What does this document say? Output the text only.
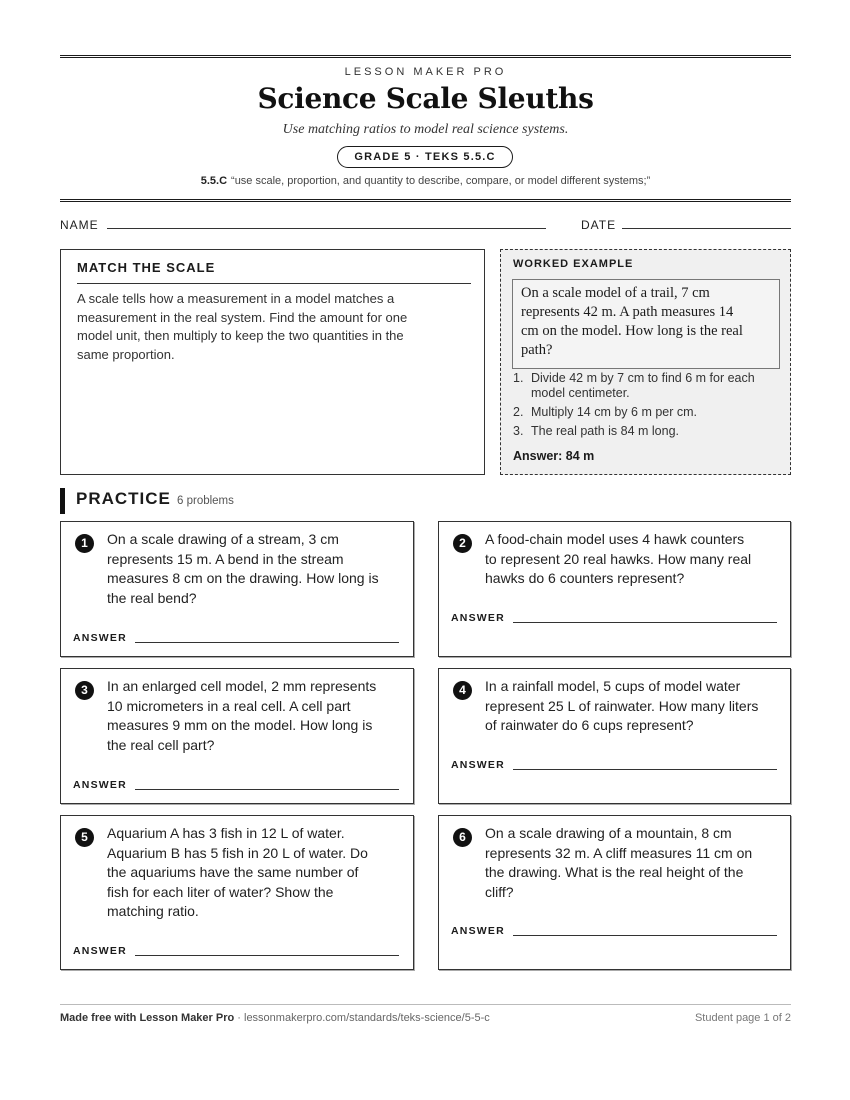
LESSON MAKER PRO
Science Scale Sleuths
Use matching ratios to model real science systems.
GRADE 5 · TEKS 5.5.C
5.5.C “use scale, proportion, and quantity to describe, compare, or model different systems;”
NAME	DATE
MATCH THE SCALE
A scale tells how a measurement in a model matches a
measurement in the real system. Find the amount for one
model unit, then multiply to keep the two quantities in the
same proportion.
WORKED EXAMPLE
On a scale model of a trail, 7 cm
represents 42 m. A path measures 14
cm on the model. How long is the real
path?
1. Divide 42 m by 7 cm to find 6 m for each
model centimeter.
2. Multiply 14 cm by 6 m per cm.
3. The real path is 84 m long.
Answer: 84 m
PRACTICE 6 problems
1	On a scale drawing of a stream, 3 cm
represents 15 m. A bend in the stream
measures 8 cm on the drawing. How long is
the real bend?
ANSWER
2	A food-chain model uses 4 hawk counters
to represent 20 real hawks. How many real
hawks do 6 counters represent?
ANSWER
3	In an enlarged cell model, 2 mm represents
10 micrometers in a real cell. A cell part
measures 9 mm on the model. How long is
the real cell part?
ANSWER
4	In a rainfall model, 5 cups of model water
represent 25 L of rainwater. How many liters
of rainwater do 6 cups represent?
ANSWER
5	Aquarium A has 3 fish in 12 L of water.
Aquarium B has 5 fish in 20 L of water. Do
the aquariums have the same number of
fish for each liter of water? Show the
matching ratio.
ANSWER
6	On a scale drawing of a mountain, 8 cm
represents 32 m. A cliff measures 11 cm on
the drawing. What is the real height of the
cliff?
ANSWER
Made free with Lesson Maker Pro · lessonmakerpro.com/standards/teks-science/5-5-c	Student page 1 of 2
